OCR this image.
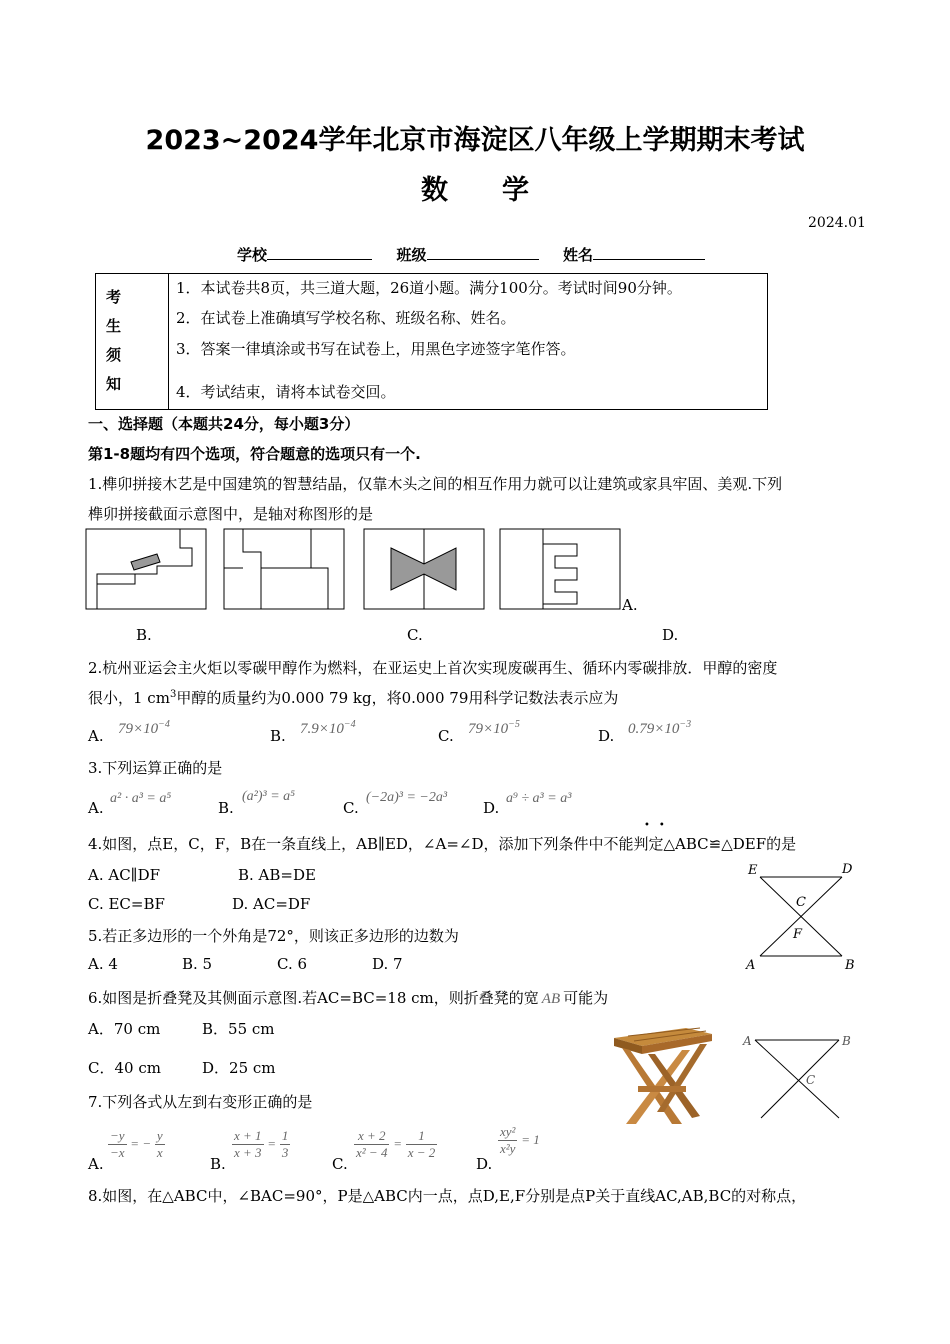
2023~2024学年北京市海淀区八年级上学期期末考试
数　　学
2024.01
学校	班级	姓名
考
生
须
知
1．本试卷共8页，共三道大题，26道小题。满分100分。考试时间90分钟。
2．在试卷上准确填写学校名称、班级名称、姓名。
3．答案一律填涂或书写在试卷上，用黑色字迹签字笔作答。
4．考试结束，请将本试卷交回。
一、选择题（本题共24分，每小题3分）
第1-8题均有四个选项，符合题意的选项只有一个.
1.榫卯拼接木艺是中国建筑的智慧结晶，仅靠木头之间的相互作用力就可以让建筑或家具牢固、美观.下列
榫卯拼接截面示意图中，是轴对称图形的是
A.
B.	C.	D.
2.杭州亚运会主火炬以零碳甲醇作为燃料，在亚运史上首次实现废碳再生、循环内零碳排放．甲醇的密度
很小，1 $cm^3$甲醇的质量约为0.000 79 kg，将0.000 79用科学记数法表示应为
A. $79\times 10^{-4}$
B. $7.9\times 10^{-4}$
C. $79\times 10^{-5}$
D. $0.79\times 10^{-3}$
3.下列运算正确的是
A.
a² · a³ = a⁵
B.
(a²)³ = a⁵
C.
(−2a)³ = −2a³
D.
a⁹ ÷ a³ = a³
4.如图，点E，C，F，B在一条直线上，AB∥ED，∠A=∠D，添加下列条件中不能判定△ABC≌△DEF的是
••
A. AC∥DF	B. AB=DE
C. EC=BF	D. AC=DF
E	D
C
F
A	B
5.若正多边形的一个外角是72°，则该正多边形的边数为
A. 4	B. 5	C. 6	D. 7
6.如图是折叠凳及其侧面示意图.若AC=BC=18 cm，则折叠凳的宽 AB 可能为
A．70 cm	B．55 cm
C．40 cm	D．25 cm
A	B
C
7.下列各式从左到右变形正确的是
A.
$\frac{-y}{-x}$ = − $\frac{y}{x}$
B.
$\frac{x + 1}{x + 3} = \frac{1}{3}$
C.
$\frac{x + 2}{\text{x² − 4}} = \frac{1}{x - 2}$
D.
$\frac{\text{xy²}}{\text{x²y}} = 1$
8.如图，在△ABC中，∠BAC=90°，P是△ABC内一点，点D,E,F分别是点P关于直线AC,AB,BC的对称点，
